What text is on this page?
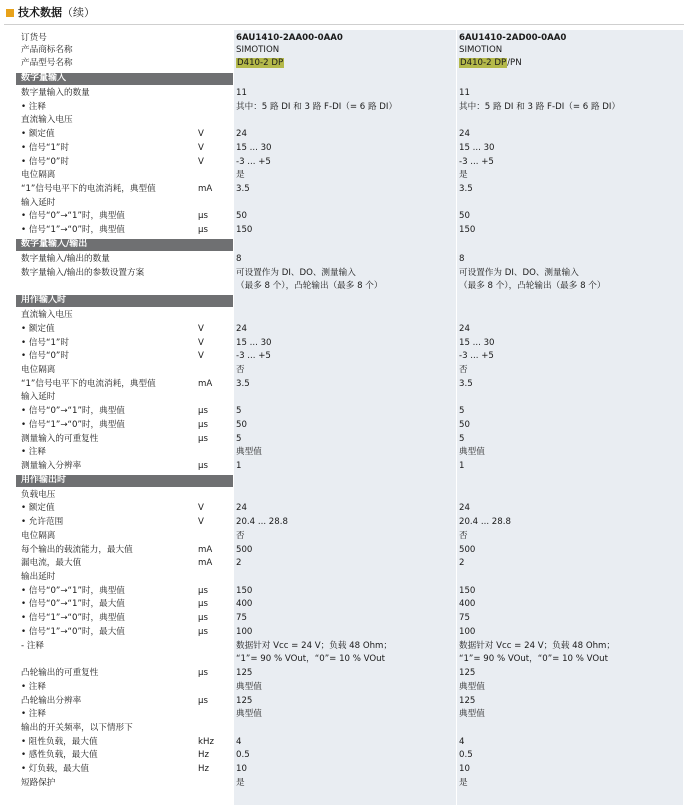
技术数据（续）
订货号	6AU1410-2AA00-0AA0	6AU1410-2AD00-0AA0
产品商标名称	SIMOTION	SIMOTION
产品型号名称	D410-2 DP	D410-2 DP/PN
数字量输入
数字量输入的数量	11	11
• 注释	其中：5 路 DI 和 3 路 F-DI（= 6 路 DI）	其中：5 路 DI 和 3 路 F-DI（= 6 路 DI）
直流输入电压
• 额定值	V	24	24
• 信号“1”时	V	15 ... 30	15 ... 30
• 信号“0”时	V	-3 ... +5	-3 ... +5
电位隔离	是	是
“1”信号电平下的电流消耗，典型值	mA	3.5	3.5
输入延时
• 信号“0”→“1”时，典型值	μs	50	50
• 信号“1”→“0”时，典型值	μs	150	150
数字量输入/输出
数字量输入/输出的数量	8	8
数字量输入/输出的参数设置方案	可设置作为 DI、DO、测量输入	可设置作为 DI、DO、测量输入
（最多 8 个），凸轮输出（最多 8 个）	（最多 8 个），凸轮输出（最多 8 个）
用作输入时
直流输入电压
• 额定值	V	24	24
• 信号“1”时	V	15 ... 30	15 ... 30
• 信号“0”时	V	-3 ... +5	-3 ... +5
电位隔离	否	否
“1”信号电平下的电流消耗，典型值	mA	3.5	3.5
输入延时
• 信号“0”→“1”时，典型值	μs	5	5
• 信号“1”→“0”时，典型值	μs	50	50
测量输入的可重复性	μs	5	5
• 注释	典型值	典型值
测量输入分辨率	μs	1	1
用作输出时
负载电压
• 额定值	V	24	24
• 允许范围	V	20.4 ... 28.8	20.4 ... 28.8
电位隔离	否	否
每个输出的载流能力，最大值	mA	500	500
漏电流，最大值	mA	2	2
输出延时
• 信号“0”→“1”时，典型值	μs	150	150
• 信号“0”→“1”时，最大值	μs	400	400
• 信号“1”→“0”时，典型值	μs	75	75
• 信号“1”→“0”时，最大值	μs	100	100
- 注释	数据针对 Vcc = 24 V；负载 48 Ohm；	数据针对 Vcc = 24 V；负载 48 Ohm；
“1”= 90 % VOut，“0”= 10 % VOut	“1”= 90 % VOut，“0”= 10 % VOut
凸轮输出的可重复性	μs	125	125
• 注释	典型值	典型值
凸轮输出分辨率	μs	125	125
• 注释	典型值	典型值
输出的开关频率，以下情形下
• 阻性负载，最大值	kHz	4	4
• 感性负载，最大值	Hz	0.5	0.5
• 灯负载，最大值	Hz	10	10
短路保护	是	是
